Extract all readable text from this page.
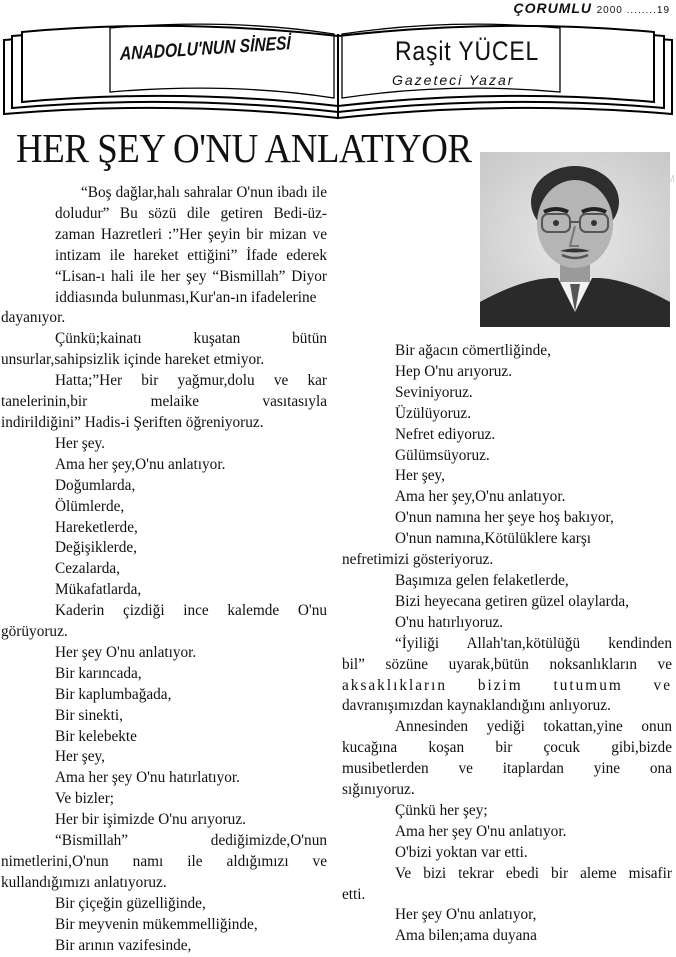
ÇORUMLU 2000 ........19
ANADOLU'NUN SİNESİ	Raşit YÜCEL
Gazeteci Yazar
HER ŞEY O'NU ANLATIYOR
ÇORUM

“Boş dağlar,halı sahralar O'nun ibadı ile doludur” Bu sözü dile getiren Bedi-üz- zaman Hazretleri :”Her şeyin bir mizan ve intizam ile hareket ettiğini” İfade ederek “Lisan-ı hali ile her şey “Bismillah” Diyor iddiasında bulunması,Kur'an-ın ifadelerine

dayanıyor.

Çünkü;kainatı kuşatan bütün

unsurlar,sahipsizlik içinde hareket etmiyor.

Hatta;”Her bir yağmur,dolu ve kar

tanelerinin,bir melaike vasıtasıyla

indirildiğini” Hadis-i Şeriften öğreniyoruz.

Her şey.

Ama her şey,O'nu anlatıyor.

Doğumlarda,

Ölümlerde,

Hareketlerde,

Değişiklerde,

Cezalarda,

Mükafatlarda,

Kaderin çizdiği ince kalemde O'nu

görüyoruz.

Her şey O'nu anlatıyor.

Bir karıncada,

Bir kaplumbağada,

Bir sinekti,

Bir kelebekte

Her şey,

Ama her şey O'nu hatırlatıyor.

Ve bizler;

Her bir işimizde O'nu arıyoruz.

“Bismillah” dediğimizde,O'nun

nimetlerini,O'nun namı ile aldığımızı ve

kullandığımızı anlatıyoruz.

Bir çiçeğin güzelliğinde,

Bir meyvenin mükemmelliğinde,

Bir arının vazifesinde,

Bir ağacın cömertliğinde,

Hep O'nu arıyoruz.

Seviniyoruz.

Üzülüyoruz.

Nefret ediyoruz.

Gülümsüyoruz.

Her şey,

Ama her şey,O'nu anlatıyor.

O'nun namına her şeye hoş bakıyor,

O'nun namına,Kötülüklere karşı

nefretimizi gösteriyoruz.

Başımıza gelen felaketlerde,

Bizi heyecana getiren güzel olaylarda,

O'nu hatırlıyoruz.

“İyiliği Allah'tan,kötülüğü kendinden

bil” sözüne uyarak,bütün noksanlıkların ve

aksaklıkların bizim tutumum ve

davranışımızdan kaynaklandığını anlıyoruz.

Annesinden yediği tokattan,yine onun

kucağına koşan bir çocuk gibi,bizde

musibetlerden ve itaplardan yine ona

sığınıyoruz.

Çünkü her şey;

Ama her şey O'nu anlatıyor.

O'bizi yoktan var etti.

Ve bizi tekrar ebedi bir aleme misafir

etti.

Her şey O'nu anlatıyor,

Ama bilen;ama duyana
